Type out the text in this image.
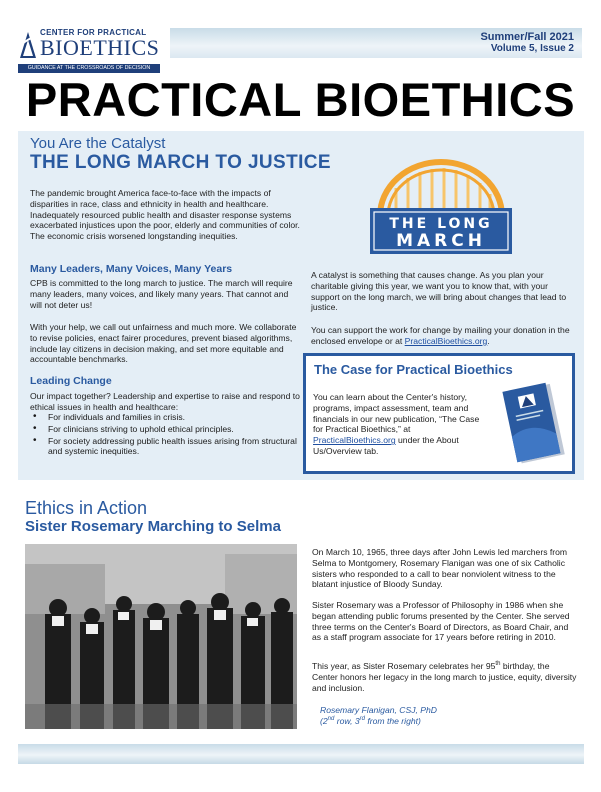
CENTER FOR PRACTICAL
BIOETHICS
GUIDANCE AT THE CROSSROADS OF DECISION
Summer/Fall 2021
Volume 5, Issue 2
PRACTICAL BIOETHICS
You Are the Catalyst
THE LONG MARCH TO JUSTICE
The pandemic brought America face-to-face with the impacts of disparities in race, class and ethnicity in health and healthcare. Inadequately resourced public health and disaster response systems exacerbated injustices upon the poor, elderly and communities of color. The economic crisis worsened longstanding inequities.
Many Leaders, Many Voices, Many Years
CPB is committed to the long march to justice. The march will require many leaders, many voices, and likely many years. That cannot and will not deter us!
With your help, we call out unfairness and much more. We collaborate to revise policies, enact fairer procedures, prevent biased algorithms, include lay citizens in decision making, and set more equitable and accountable benchmarks.
Leading Change
Our impact together? Leadership and expertise to raise and respond to ethical issues in health and healthcare:
• For individuals and families in crisis.
• For clinicians striving to uphold ethical principles.
• For society addressing public health issues arising from structural and systemic inequities.
THE LONG
MARCH
A catalyst is something that causes change. As you plan your charitable giving this year, we want you to know that, with your support on the long march, we will bring about changes that lead to justice.
You can support the work for change by mailing your donation in the enclosed envelope or at PracticalBioethics.org.
The Case for Practical Bioethics
You can learn about the Center's history, programs, impact assessment, team and financials in our new publication, “The Case for Practical Bioethics,” at PracticalBioethics.org under the About Us/Overview tab.
Ethics in Action
Sister Rosemary Marching to Selma
On March 10, 1965, three days after John Lewis led marchers from Selma to Montgomery, Rosemary Flanigan was one of six Catholic sisters who responded to a call to bear nonviolent witness to the blatant injustice of Bloody Sunday.
Sister Rosemary was a Professor of Philosophy in 1986 when she began attending public forums presented by the Center. She served three terms on the Center's Board of Directors, as Board Chair, and as a staff program associate for 17 years before retiring in 2010.
This year, as Sister Rosemary celebrates her 95th birthday, the Center honors her legacy in the long march to justice, equity, diversity and inclusion.
Rosemary Flanigan, CSJ, PhD
(2nd row, 3rd from the right)
